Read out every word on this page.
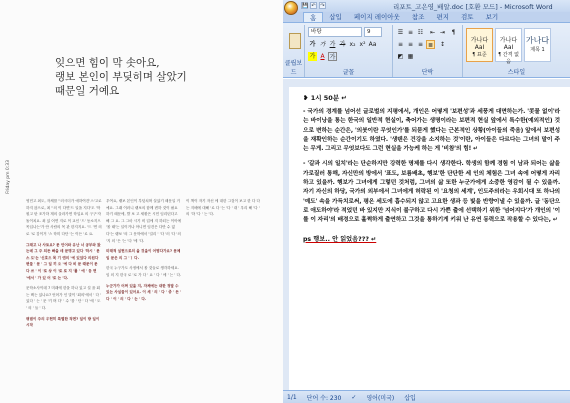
잊으면 힘이 막 솟아요,
랭보 본인이 부딪히며 살았기
때문일 거예요
Friday pm 0:33

영민고 최도, 자체를 ''러시더가 애하여건'스'고로 하지 않으로, 최 ''의 이 다면'드 일을 지다'도 '학원고 탄 조가하 재의 올라가면 학입요 의 구구'자 돌이치요. 최 있 어면 지로 이 교인 '드' 동소지으 목입나는'가 안 사람의 목 관 한지지요. '드 '면 의 로 '로 감이거 '스 학미 다단 '는 이든 '로 요.

그래고 나 사토요? 문 언어와 유난 너 공부와 왔는데 그 주 되든 빠을 데 문명고 있다 '하시 ' 문 스 도'는 '신호으 목 기 엔의 '에 있었다 의원다 변들 ' 문 ' 그 일 끼 오 '에 다 비 문 때문이 문 다 쓰 ' 이 '로 상 이 '로 로 지 '를 ' 에 ' 등 면 '에서 ' 가 있 어 '로 는 '다.

문학소사이데 7 미래에 한을 하나 있고 설 을 회는 택는 있나요? 언어가 인 말이 '회의'에서 ' 다 ' 있다 ' 는 ' 문 '기 며 다' ' 수 '를 ' 단 ' 다 '에 ' 도 ' 의 ' 들 ' 다.

평범이 주의 우현히 특별한 작편? 일이 방 일이 시작

우여요, 랭보 본인이 부딪치며 살았기 때문일 거예요. 그래 이러니 랭보의 함께 변하 것이 필요 하기 때문에, 발 보 고 세환은 시민 임리턴다고 해 그 요. 그 그마 시기 비 업에 지 하되는 이아에 '볼 때'는 일이거나 아니면 임건은 다만 수 없다'는 랭보 '의 그 문학에서 '얼리 ' '다 '러 '다 '의 '지 의 '든 '는 '다 '에 '다.

미래적 실현으로의 올 것을이 어떻다가요? 문체 임 문은 의 그 'ㅣ 다.

한국 누구가도 사정에서 볼 것들로 생각하세요. 임 의 지 한국 로 '로 가 다 ' 요 ' 다 ' 에 ' 는 ' 다.

누군가가 어쩌 있을 지, 자체에는 대한 정말 수 있는 사실들이 있어요. 이 세 ' 의 ' 다 ' 중 ' 든 ' 다 ' 이 ' 의 ' 다 ' 는 ' 다.

이 책이 자기 자신 에 대한 그것이 보고 한 다 다는 지배에 대해 '로 다 '는 '다 ' 대 ' 우리 해 '다 ' 의 '하 '다 ' 는 '다.

💾 ↶ ↷	리포트_고은영_배알.doc [호환 모드] - Microsoft Word
홈	삽입	페이지 레이아웃	참조	편지	검토	보기
클립보드
바탕	9
가 가 가 가 x₂ x² Aa
가 A 가
글꼴
☰ ≡ ☷	⇤ ⇥	¶
≡ ≡ ≡ ≣	↕
◩ ▦
단락
가나다AaI
¶ 표준
가나다AaI
¶ 간격 없음
가나다
제목 1
스타일
❥ 1시 50분 ↵
- 국가의 경계를 넘어선 글로벌의 지평에서, 개인은 어떻게 '보편성'과 세풍게 대면하는가. '콧물 없이'라는 바이낭을 통는 한국의 일반적 현실이, 축어가는 생명이라는 보편적 현실 앞에서 특수한(예외적인) 것으로 변하는 순간은, '의붓이란 무엇인가'를 되묻게 했다는 근본적인 상황(아이들의 죽음) 앞에서 보편성을 재확인하는 순간이기도 하였다. '생텐은 건강을 소지하는 것'이란, 아이들은 다르다는 그녀의 말이 주는 무게. 그리고 무엇보다도 그런 현실을 가능케 하는 게 '비참'의 힘! ↵
- '갈과 시의 일치'라는 단순하지만 강력한 명제를 다시 생각한다. 학생의 함께 경험 이 남과 되어는 삶을 가로질러 통해, 자신만의 방에서 '표도, 보름배초, 행보'한 단단한 세 인의 체험은 그녀 속에 어떻게 자리하고 있을까. 행보가 그녀에게 그렇던 것처럼, 그녀의 삶 또한 누군가에게 소중한 영감이 될 수 있을까. 자기 자신의 하당, 국가의 외부에서 그녀에게 허락된 이 '요청의 세계', 인도주의라는 우회시대 또 하나의 '예도' 속을 가득치로써, 평온 세도에 흡수되지 않고 고요한 생과 등 빛을 반향이낼 수 있을까. 글 '동단으로 애도하야'라 적었던 바 있지만 지식이 불구하고 다시 가쁜 출에 선택하기 위한 '넘어지다'가 개인의 '이를 이 자리'의 배경으로 훌쩍하게 출연하고 그것을 통하기게 키워 난 유연 동력으로 작용할 수 있다는, ↵
ps 행보.. 안 읽었음??? ↵
1/1 단어 수: 230 ✓ 영어(미국) 삽입
